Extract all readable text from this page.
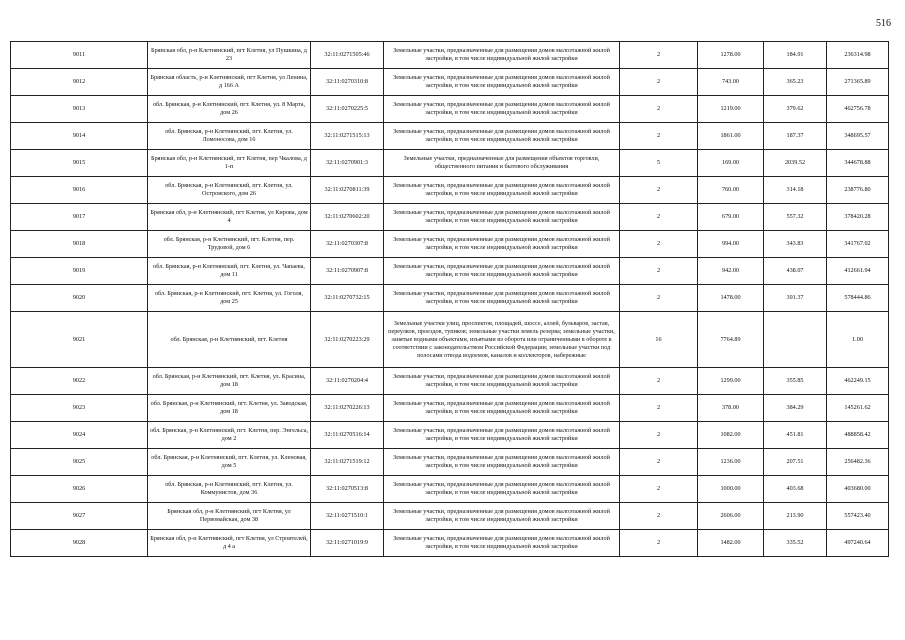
516
9011	Брянская обл, р-н Клетнянский, пгт Клетня, ул Пушкина, д 23	32:11:0271505:46	Земельные участки, предназначенные для размещения домов малоэтажной жилой застройки, в том числе индивидуальной жилой застройки	2	1278.00	184.91	236314.98
9012	Брянская область, р-н Клетнянский, пгт Клетня, ул Ленина, д 166 А	32:11:0270310:8	Земельные участки, предназначенные для размещения домов малоэтажной жилой застройки, в том числе индивидуальной жилой застройки	2	743.00	365.23	271365.89
9013	обл. Брянская, р-н Клетнянский, пгт. Клетня, ул. 8 Марта, дом 26	32:11:0270225:5	Земельные участки, предназначенные для размещения домов малоэтажной жилой застройки, в том числе индивидуальной жилой застройки	2	1219.00	379.62	462756.78
9014	обл. Брянская, р-н Клетнянский, пгт. Клетня, ул. Ломоносова, дом 16	32:11:0271515:13	Земельные участки, предназначенные для размещения домов малоэтажной жилой застройки, в том числе индивидуальной жилой застройки	2	1861.00	187.37	348695.57
9015	Брянская обл, р-н Клетнянский, пгт Клетня, пер Чкалова, д 1-п	32:11:0270901:3	Земельные участки, предназначенные для размещения объектов торговли, общественного питания и бытового обслуживания	5	169.00	2039.52	344678.88
9016	обл. Брянская, р-н Клетнянский, пгт. Клетня, ул. Островского, дом 26	32:11:0270811:39	Земельные участки, предназначенные для размещения домов малоэтажной жилой застройки, в том числе индивидуальной жилой застройки	2	760.00	314.18	238776.80
9017	Брянская обл, р-н Клетнянский, пгт Клетня, ул Кирова, дом 4	32:11:0270602:20	Земельные участки, предназначенные для размещения домов малоэтажной жилой застройки, в том числе индивидуальной жилой застройки	2	679.00	557.32	378420.28
9018	обл. Брянская, р-н Клетнянский, пгт. Клетня, пер. Трудовой, дом 6	32:11:0270307:8	Земельные участки, предназначенные для размещения домов малоэтажной жилой застройки, в том числе индивидуальной жилой застройки	2	994.00	343.83	341767.02
9019	обл. Брянская, р-н Клетнянский, пгт. Клетня, ул. Чапаева, дом 11	32:11:0270907:8	Земельные участки, предназначенные для размещения домов малоэтажной жилой застройки, в том числе индивидуальной жилой застройки	2	942.00	438.07	412661.94
9020	обл. Брянская, р-н Клетнянский, пгт. Клетня, ул. Гоголя, дом 25	32:11:0270732:15	Земельные участки, предназначенные для размещения домов малоэтажной жилой застройки, в том числе индивидуальной жилой застройки	2	1478.00	391.37	578444.86
9021	обл. Брянская, р-н Клетнянский, пгт. Клетня	32:11:0270223:29	Земельные участки улиц, проспектов, площадей, шоссе, аллей, бульваров, застав, переулков, проездов, тупиков; земельные участки земель резерва; земельные участки, занятые водными объектами, изъятыми из оборота или ограниченными в обороте в соответствии с законодательством Российской Федерации; земельные участки под полосами отвода водоемов, каналов и коллекторов, набережные	16	7764.89		1.00
9022	обл. Брянская, р-н Клетнянский, пгт. Клетня, ул. Красина, дом 18	32:11:0270204:4	Земельные участки, предназначенные для размещения домов малоэтажной жилой застройки, в том числе индивидуальной жилой застройки	2	1299.00	355.85	462249.15
9023	обл. Брянская, р-н Клетнянский, пгт. Клетня, ул. Заводская, дом 18	32:11:0270226:13	Земельные участки, предназначенные для размещения домов малоэтажной жилой застройки, в том числе индивидуальной жилой застройки	2	378.00	384.29	145261.62
9024	обл. Брянская, р-н Клетнянский, пгт. Клетня, пер. Энгельса, дом 2	32:11:0270516:14	Земельные участки, предназначенные для размещения домов малоэтажной жилой застройки, в том числе индивидуальной жилой застройки	2	1082.00	451.81	488858.42
9025	обл. Брянская, р-н Клетнянский, пгт. Клетня, ул. Кленовая, дом 5	32:11:0271519:12	Земельные участки, предназначенные для размещения домов малоэтажной жилой застройки, в том числе индивидуальной жилой застройки	2	1236.00	207.51	256482.36
9026	обл. Брянская, р-н Клетнянский, пгт. Клетня, ул. Коммунистов, дом 36	32:11:0270513:8	Земельные участки, предназначенные для размещения домов малоэтажной жилой застройки, в том числе индивидуальной жилой застройки	2	1000.00	403.68	403680.00
9027	Брянская обл, р-н Клетнянский, пгт Клетня, ул Первомайская, дом 38	32:11:0271510:1	Земельные участки, предназначенные для размещения домов малоэтажной жилой застройки, в том числе индивидуальной жилой застройки	2	2606.00	213.90	557423.40
9028	Брянская обл, р-н Клетнянский, пгт Клетня, ул Строителей, д 4 а	32:11:0271019:9	Земельные участки, предназначенные для размещения домов малоэтажной жилой застройки, в том числе индивидуальной жилой застройки	2	1482.00	335.52	497240.64
